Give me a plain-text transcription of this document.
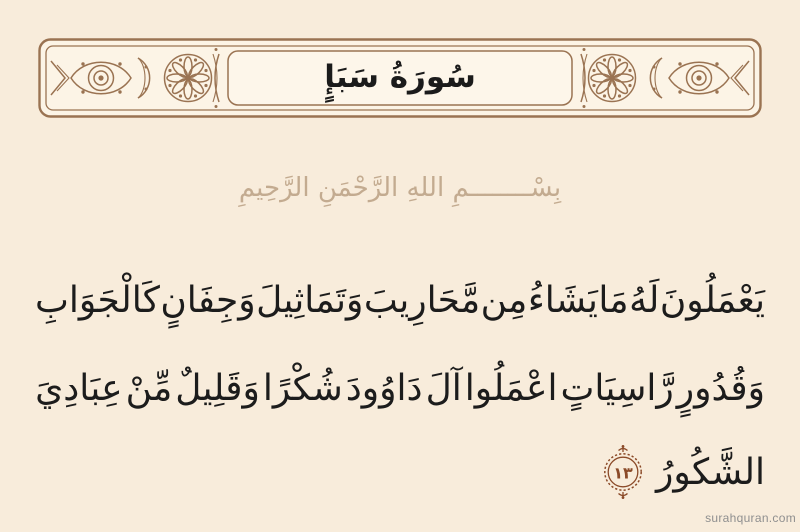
سُورَةُ سَبَإٍ
بِسْــــــــمِ اللهِ الرَّحْمَنِ الرَّحِيمِ
يَعْمَلُونَ
لَهُ
مَا
يَشَاءُ
مِن
مَّحَارِيبَ
وَتَمَاثِيلَ
وَجِفَانٍ
كَالْجَوَابِ
وَقُدُورٍ
رَّاسِيَاتٍ
اعْمَلُوا
آلَ
دَاوُودَ
شُكْرًا
وَقَلِيلٌ
مِّنْ
عِبَادِيَ
الشَّكُورُ
١٣
surahquran.com
